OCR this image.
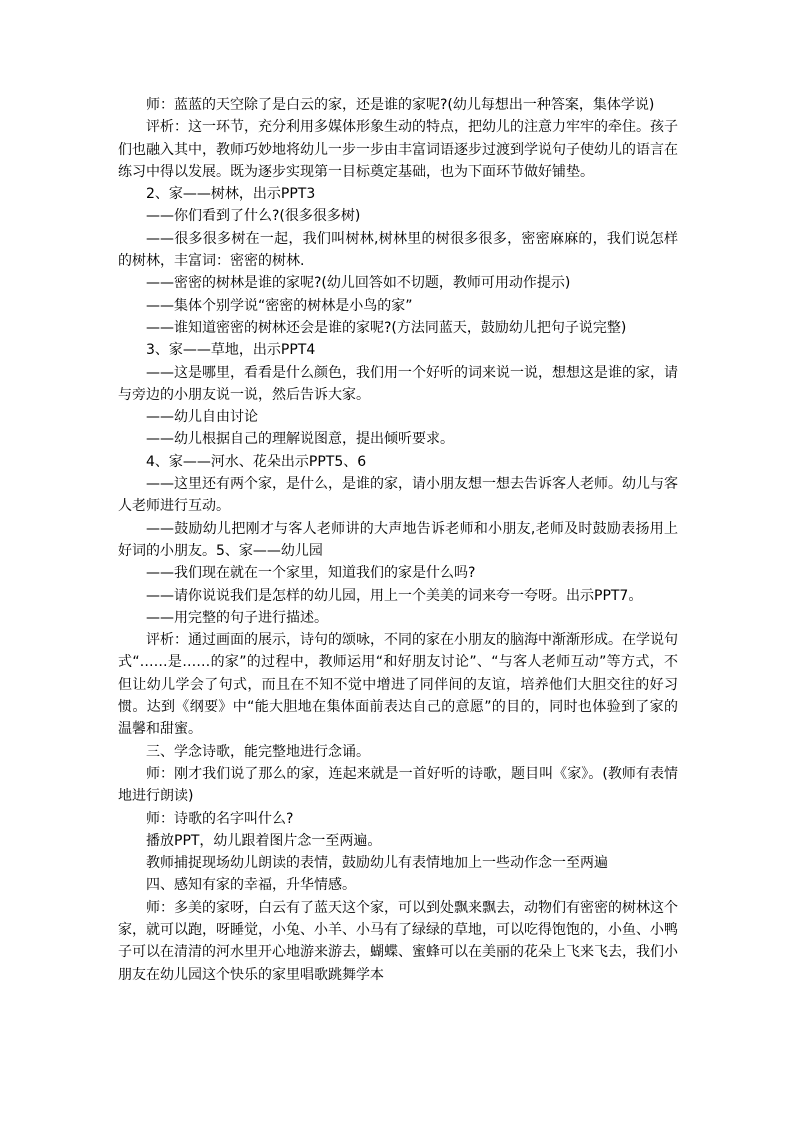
师：蓝蓝的天空除了是白云的家，还是谁的家呢?(幼儿每想出一种答案，集体学说)

评析：这一环节，充分利用多媒体形象生动的特点，把幼儿的注意力牢牢的牵住。孩子们也融入其中，教师巧妙地将幼儿一步一步由丰富词语逐步过渡到学说句子使幼儿的语言在练习中得以发展。既为逐步实现第一目标奠定基础，也为下面环节做好铺垫。

2、家——树林，出示PPT3

——你们看到了什么?(很多很多树)

——很多很多树在一起，我们叫树林,树林里的树很多很多，密密麻麻的，我们说怎样的树林，丰富词：密密的树林.

——密密的树林是谁的家呢?(幼儿回答如不切题，教师可用动作提示)

——集体个别学说“密密的树林是小鸟的家”

——谁知道密密的树林还会是谁的家呢?(方法同蓝天，鼓励幼儿把句子说完整)

3、家——草地，出示PPT4

——这是哪里，看看是什么颜色，我们用一个好听的词来说一说，想想这是谁的家，请与旁边的小朋友说一说，然后告诉大家。

——幼儿自由讨论

——幼儿根据自己的理解说图意，提出倾听要求。

4、家——河水、花朵出示PPT5、6

——这里还有两个家，是什么，是谁的家，请小朋友想一想去告诉客人老师。幼儿与客人老师进行互动。

——鼓励幼儿把刚才与客人老师讲的大声地告诉老师和小朋友,老师及时鼓励表扬用上好词的小朋友。5、家——幼儿园

——我们现在就在一个家里，知道我们的家是什么吗?

——请你说说我们是怎样的幼儿园，用上一个美美的词来夸一夸呀。出示PPT7。

——用完整的句子进行描述。

评析：通过画面的展示，诗句的颂咏，不同的家在小朋友的脑海中渐渐形成。在学说句式“……是……的家”的过程中，教师运用“和好朋友讨论”、“与客人老师互动”等方式，不但让幼儿学会了句式，而且在不知不觉中增进了同伴间的友谊，培养他们大胆交往的好习惯。达到《纲要》中“能大胆地在集体面前表达自己的意愿”的目的，同时也体验到了家的温馨和甜蜜。

三、学念诗歌，能完整地进行念诵。

师：刚才我们说了那么的家，连起来就是一首好听的诗歌，题目叫《家》。(教师有表情地进行朗读)

师：诗歌的名字叫什么?

播放PPT，幼儿跟着图片念一至两遍。

教师捕捉现场幼儿朗读的表情，鼓励幼儿有表情地加上一些动作念一至两遍

四、感知有家的幸福，升华情感。

师：多美的家呀，白云有了蓝天这个家，可以到处飘来飘去，动物们有密密的树林这个家，就可以跑，呀睡觉，小兔、小羊、小马有了绿绿的草地，可以吃得饱饱的，小鱼、小鸭子可以在清清的河水里开心地游来游去，蝴蝶、蜜蜂可以在美丽的花朵上飞来飞去，我们小朋友在幼儿园这个快乐的家里唱歌跳舞学本
